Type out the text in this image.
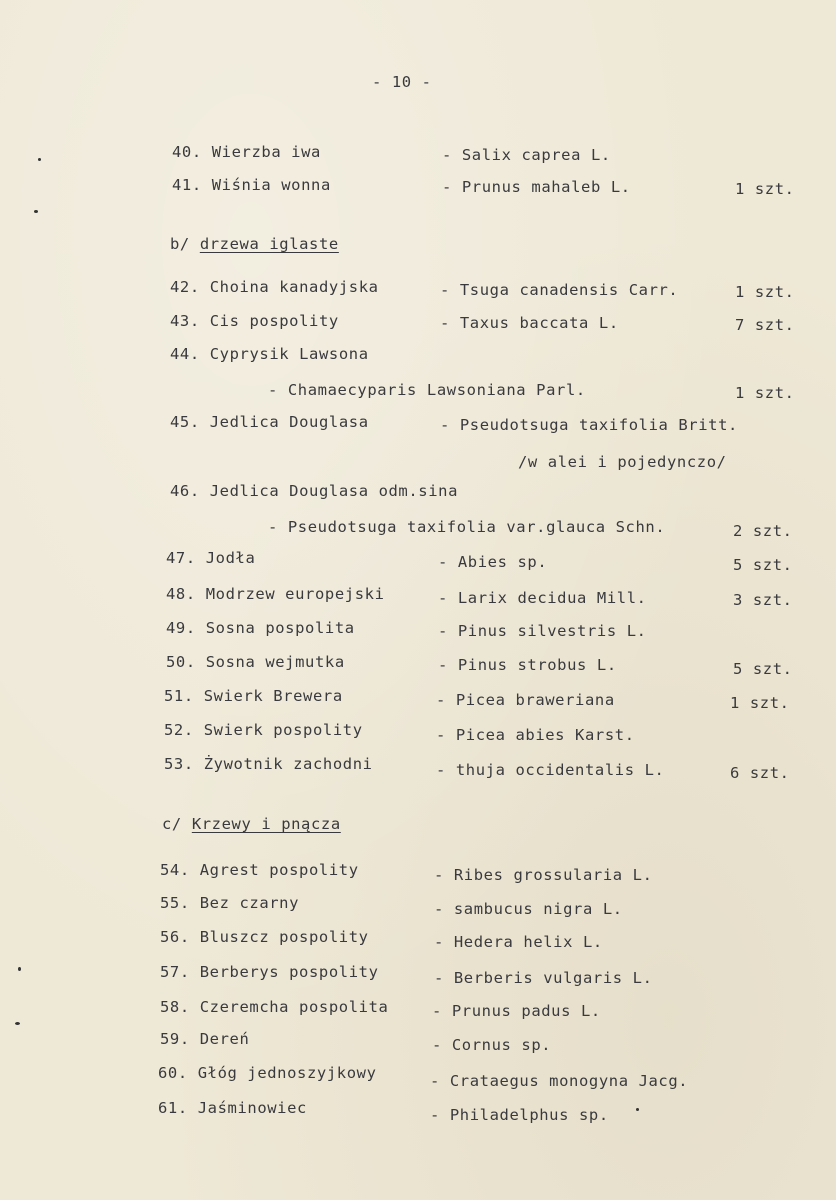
- 10 -
40. Wierzba iwa	- Salix caprea L.
41. Wiśnia wonna	- Prunus mahaleb L.	1 szt.
b/ drzewa iglaste
42. Choina kanadyjska	- Tsuga canadensis Carr.	1 szt.
43. Cis pospolity	- Taxus baccata L.	7 szt.
44. Cyprysik Lawsona
- Chamaecyparis Lawsoniana Parl.	1 szt.
45. Jedlica Douglasa	- Pseudotsuga taxifolia Britt.
/w alei i pojedynczo/
46. Jedlica Douglasa odm.sina
- Pseudotsuga taxifolia var.glauca Schn.	2 szt.
47. Jodła	- Abies sp.	5 szt.
48. Modrzew europejski	- Larix decidua Mill.	3 szt.
49. Sosna pospolita	- Pinus silvestris L.
50. Sosna wejmutka	- Pinus strobus L.	5 szt.
51. Swierk Brewera	- Picea braweriana	1 szt.
52. Swierk pospolity	- Picea abies Karst.
53. Żywotnik zachodni	- thuja occidentalis L.	6 szt.
c/ Krzewy i pnącza
54. Agrest pospolity	- Ribes grossularia L.
55. Bez czarny	- sambucus nigra L.
56. Bluszcz pospolity	- Hedera helix L.
57. Berberys pospolity	- Berberis vulgaris L.
58. Czeremcha pospolita	- Prunus padus L.
59. Dereń	- Cornus sp.
60. Głóg jednoszyjkowy	- Crataegus monogyna Jacg.
61. Jaśminowiec	- Philadelphus sp.
